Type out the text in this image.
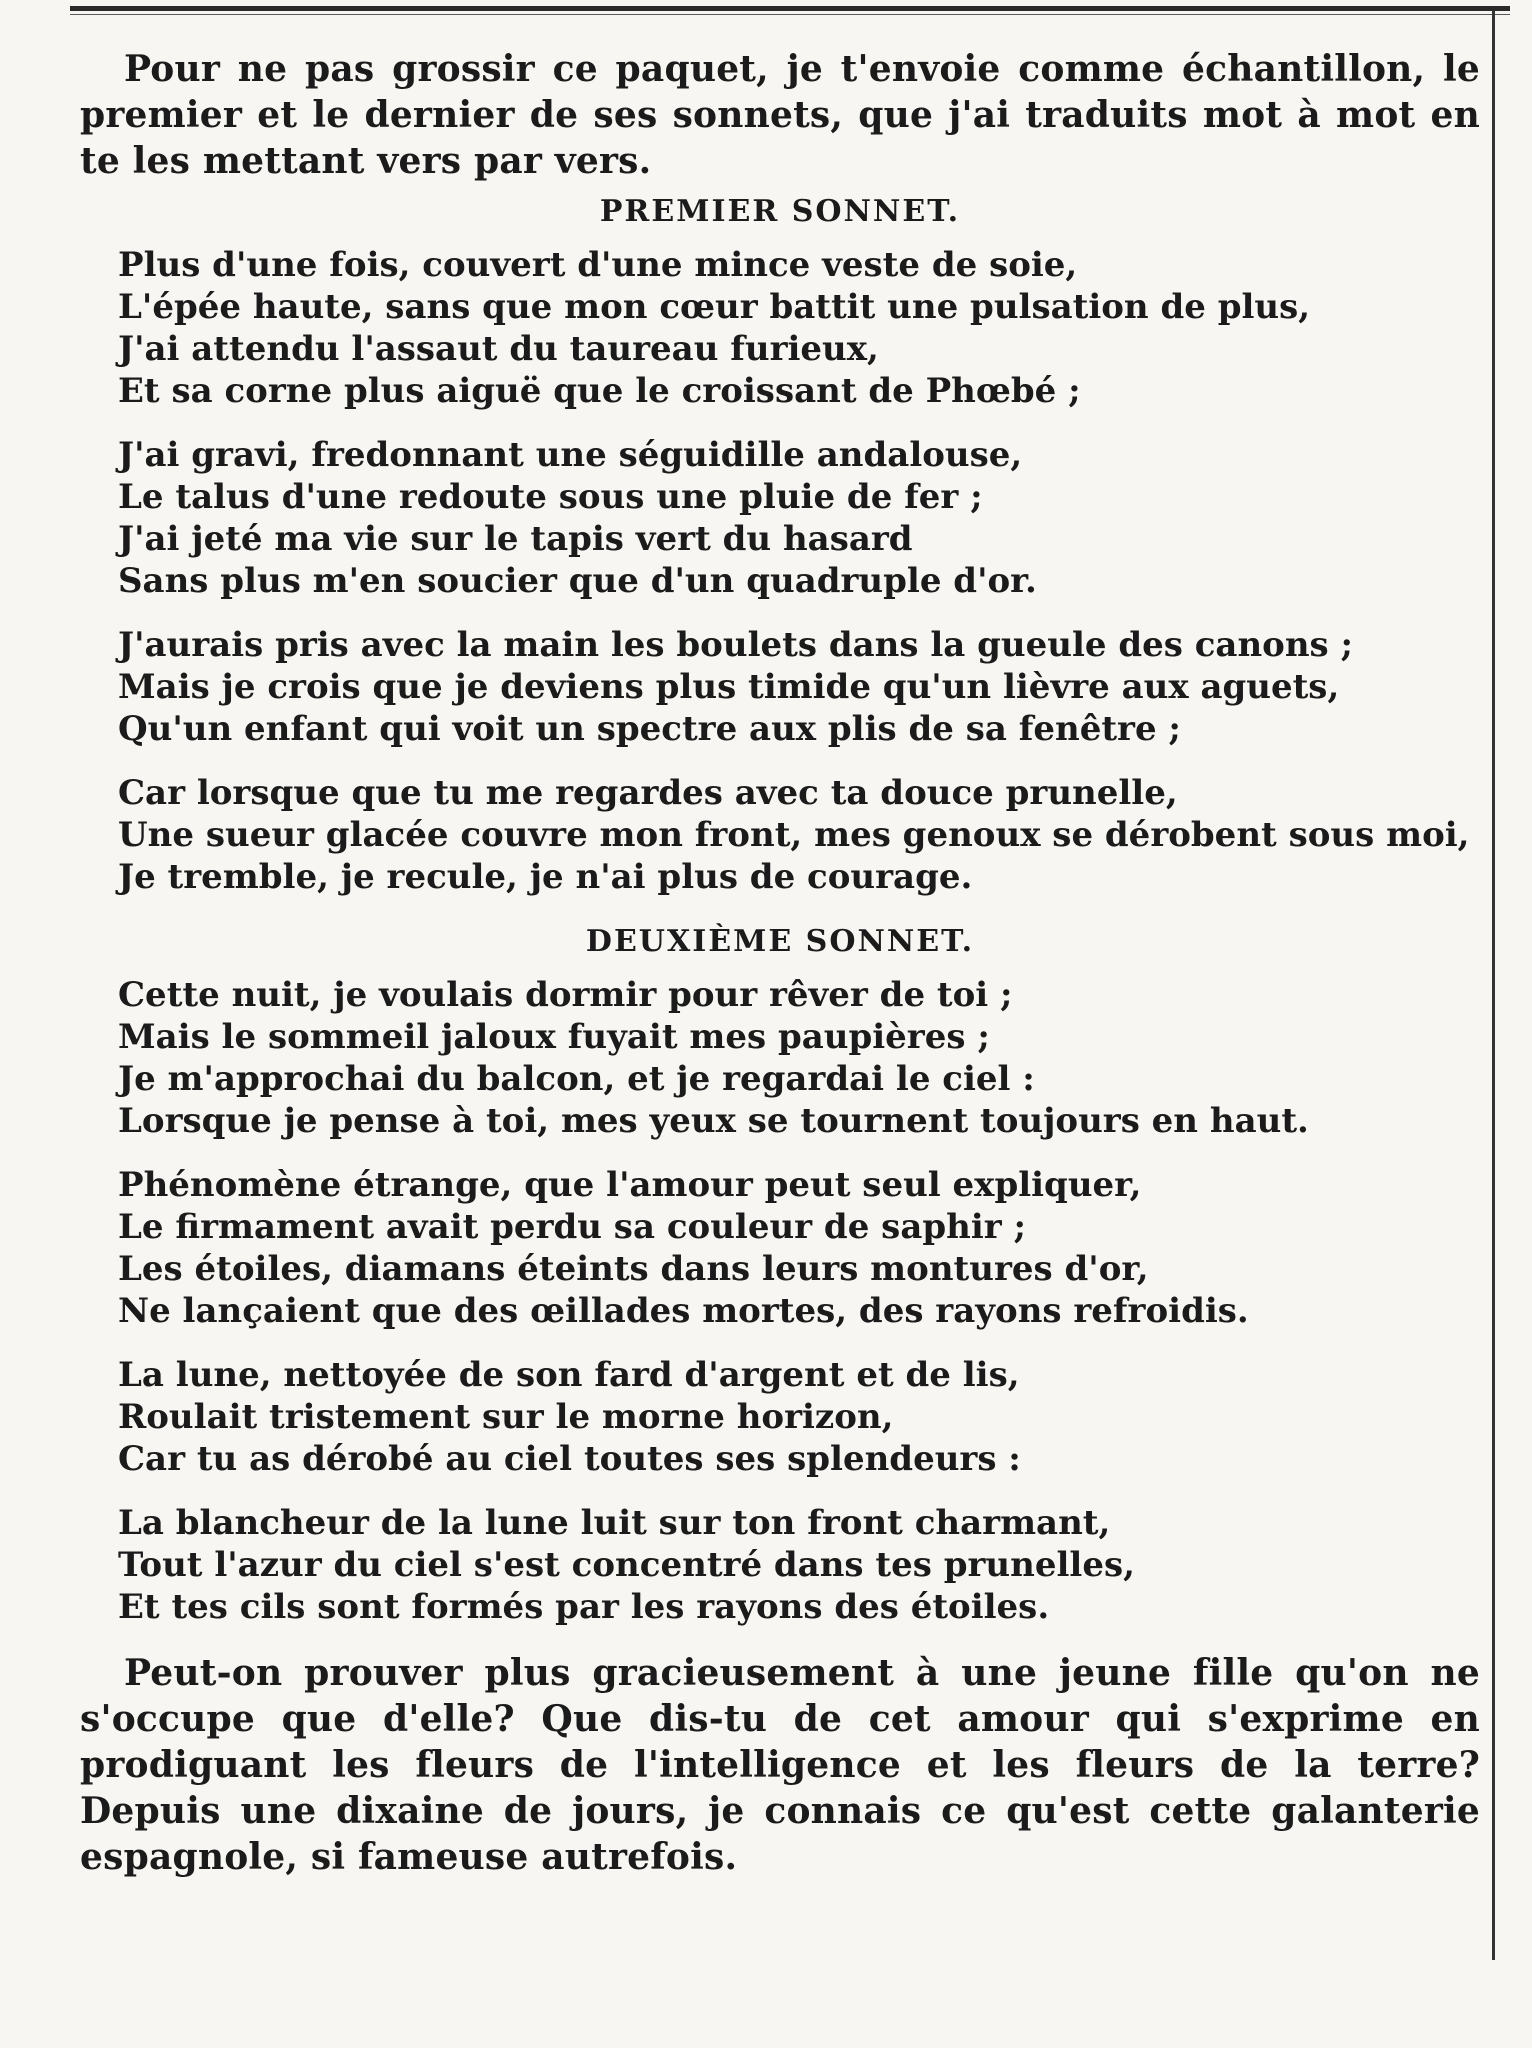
Pour ne pas grossir ce paquet, je t'envoie comme échantillon, le premier et le dernier de ses sonnets, que j'ai traduits mot à mot en te les mettant vers par vers.

PREMIER SONNET.
Plus d'une fois, couvert d'une mince veste de soie,
L'épée haute, sans que mon cœur battit une pulsation de plus,
J'ai attendu l'assaut du taureau furieux,
Et sa corne plus aiguë que le croissant de Phœbé ;
J'ai gravi, fredonnant une séguidille andalouse,
Le talus d'une redoute sous une pluie de fer ;
J'ai jeté ma vie sur le tapis vert du hasard
Sans plus m'en soucier que d'un quadruple d'or.
J'aurais pris avec la main les boulets dans la gueule des canons ;
Mais je crois que je deviens plus timide qu'un lièvre aux aguets,
Qu'un enfant qui voit un spectre aux plis de sa fenêtre ;
Car lorsque que tu me regardes avec ta douce prunelle,
Une sueur glacée couvre mon front, mes genoux se dérobent sous moi,
Je tremble, je recule, je n'ai plus de courage.
DEUXIÈME SONNET.
Cette nuit, je voulais dormir pour rêver de toi ;
Mais le sommeil jaloux fuyait mes paupières ;
Je m'approchai du balcon, et je regardai le ciel :
Lorsque je pense à toi, mes yeux se tournent toujours en haut.
Phénomène étrange, que l'amour peut seul expliquer,
Le firmament avait perdu sa couleur de saphir ;
Les étoiles, diamans éteints dans leurs montures d'or,
Ne lançaient que des œillades mortes, des rayons refroidis.
La lune, nettoyée de son fard d'argent et de lis,
Roulait tristement sur le morne horizon,
Car tu as dérobé au ciel toutes ses splendeurs :
La blancheur de la lune luit sur ton front charmant,
Tout l'azur du ciel s'est concentré dans tes prunelles,
Et tes cils sont formés par les rayons des étoiles.

Peut-on prouver plus gracieusement à une jeune fille qu'on ne s'occupe que d'elle? Que dis-tu de cet amour qui s'exprime en prodiguant les fleurs de l'intelligence et les fleurs de la terre? Depuis une dixaine de jours, je connais ce qu'est cette galanterie espagnole, si fameuse autrefois.
